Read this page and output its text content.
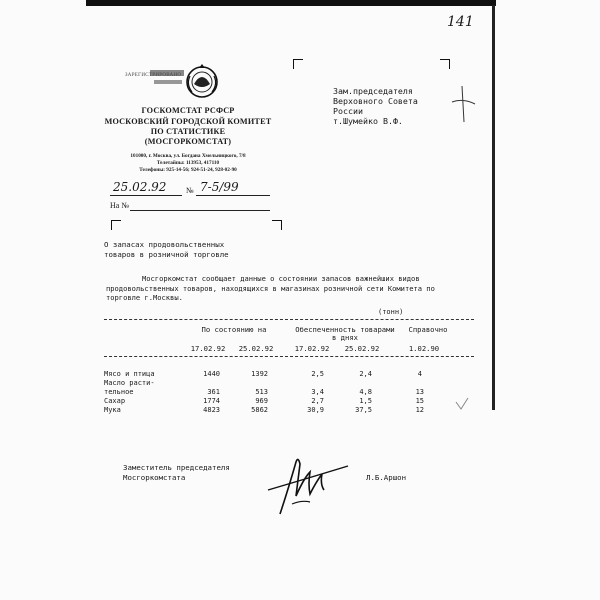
141
ЗАРЕГИСТРИРОВАНО
ГОСКОМСТАТ РСФСР
МОСКОВСКИЙ ГОРОДСКОЙ КОМИТЕТ
ПО СТАТИСТИКЕ
(МОСГОРКОМСТАТ)
101000, г. Москва, ул. Богдана Хмельницкого, 7/8
Телетайпы: 113953, 417110
Телефоны: 925-14-56; 924-51-24, 928-02-90
25.02.92 № 7-5/99
На №
Зам.председателя
Верховного Совета
России
т.Шумейко В.Ф.
О запасах продовольственных
товаров в розничной торговле
Мосгоркомстат сообщает данные о состоянии запасов важнейших видов продовольственных товаров, находящихся в магазинах розничной сети Комитета по торговле г.Москвы.
(тонн)
По состоянию на	Обеспеченность товарами в днях
Справочно
17.02.92	25.02.92	17.02.92	25.02.92	1.02.90
Мясо и птица	1440	1392	2,5	2,4	4
Масло расти-
тельное	361	513	3,4	4,8	13
Сахар	1774	969	2,7	1,5	15
Мука	4823	5862	30,9	37,5	12
Заместитель председателя
Мосгоркомстата	Л.Б.Аршон
